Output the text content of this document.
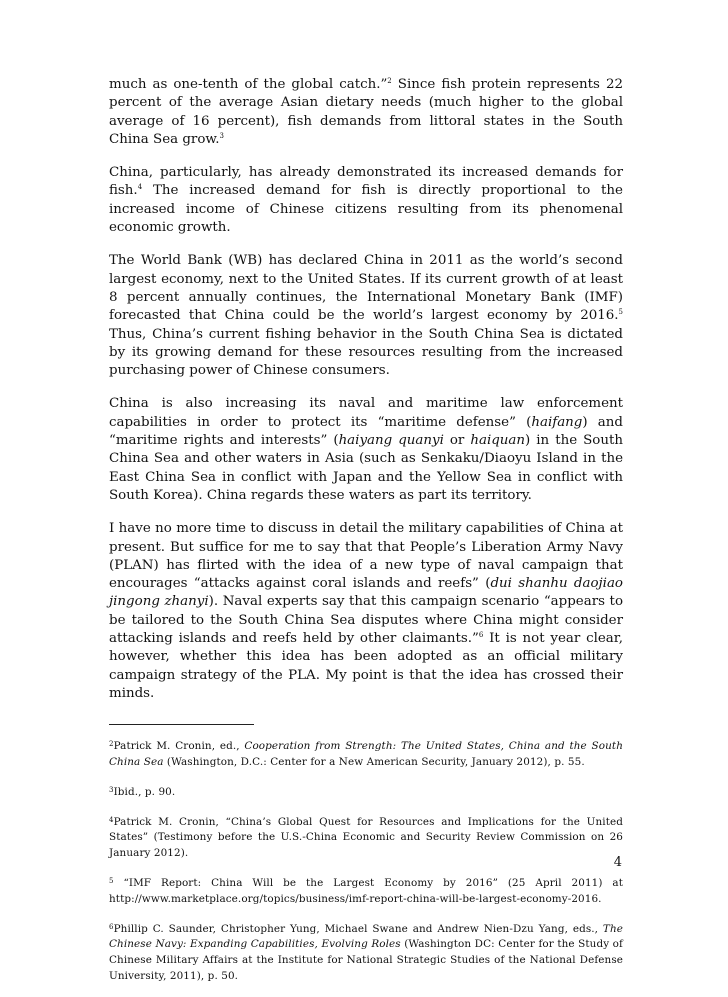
much as one-tenth of the global catch.”$^2$ Since fish protein represents 22 percent of the average Asian dietary needs (much higher to the global average of 16 percent), fish demands from littoral states in the South China Sea grow.$^3$

China, particularly, has already demonstrated its increased demands for fish.$^4$ The increased demand for fish is directly proportional to the increased income of Chinese citizens resulting from its phenomenal economic growth.

The World Bank (WB) has declared China in 2011 as the world’s second largest economy, next to the United States. If its current growth of at least 8 percent annually continues, the International Monetary Bank (IMF) forecasted that China could be the world’s largest economy by 2016.$^5$ Thus, China’s current fishing behavior in the South China Sea is dictated by its growing demand for these resources resulting from the increased purchasing power of Chinese consumers.

China is also increasing its naval and maritime law enforcement capabilities in order to protect its “maritime defense” (haifang) and “maritime rights and interests” (haiyang quanyi or haiquan) in the South China Sea and other waters in Asia (such as Senkaku/Diaoyu Island in the East China Sea in conflict with Japan and the Yellow Sea in conflict with South Korea). China regards these waters as part its territory.

I have no more time to discuss in detail the military capabilities of China at present. But suffice for me to say that that People’s Liberation Army Navy (PLAN) has flirted with the idea of a new type of naval campaign that encourages “attacks against coral islands and reefs” (dui shanhu daojiao jingong zhanyi). Naval experts say that this campaign scenario “appears to be tailored to the South China Sea disputes where China might consider attacking islands and reefs held by other claimants.”$^6$ It is not year clear, however, whether this idea has been adopted as an official military campaign strategy of the PLA. My point is that the idea has crossed their minds.

$^2$Patrick M. Cronin, ed., Cooperation from Strength: The United States, China and the South China Sea (Washington, D.C.: Center for a New American Security, January 2012), p. 55.

$^3$Ibid., p. 90.

$^4$Patrick M. Cronin, “China’s Global Quest for Resources and Implications for the United States” (Testimony before the U.S.-China Economic and Security Review Commission on 26 January 2012).

$^5$ “IMF Report: China Will be the Largest Economy by 2016” (25 April 2011) at http://www.marketplace.org/topics/business/imf-report-china-will-be-largest-economy-2016.

$^6$Phillip C. Saunder, Christopher Yung, Michael Swane and Andrew Nien-Dzu Yang, eds., The Chinese Navy: Expanding Capabilities, Evolving Roles (Washington DC: Center for the Study of Chinese Military Affairs at the Institute for National Strategic Studies of the National Defense University, 2011), p. 50.

4
